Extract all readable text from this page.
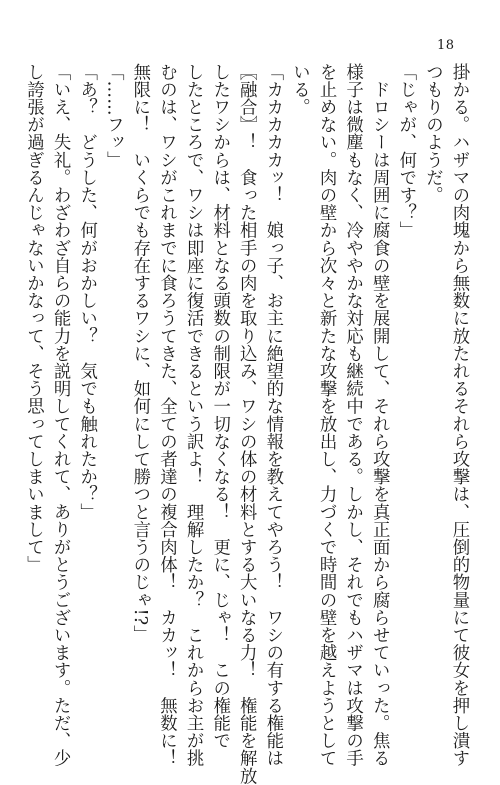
18
掛かる。ハザマの肉塊から無数に放たれるそれら攻撃は、圧倒的物量にて彼女を押し潰す
つもりのようだ。
「じゃが、何です？」
　ドロシーは周囲に腐食の壁を展開して、それら攻撃を真正面から腐らせていった。焦る
様子は微塵もなく、冷ややかな対応も継続中である。しかし、それでもハザマは攻撃の手
を止めない。肉の壁から次々と新たな攻撃を放出し、力づくで時間の壁を越えようとして
いる。
「カカカカカッ！　娘っ子、お主に絶望的な情報を教えてやろう！　ワシの有する権能は
〖融合〗！　食った相手の肉を取り込み、ワシの体の材料とする大いなる力！　権能を解放
したワシからは、材料となる頭数の制限が一切なくなる！　更に、じゃ！　この権能で
したところで、ワシは即座に復活できるという訳よ！　理解したか？　これからお主が挑
むのは、ワシがこれまでに食ろうてきた、全ての者達の複合肉体！　カカッ！　無数に！
無限に！　いくらでも存在するワシに、如何にして勝つと言うのじゃ!?」
「……フッ」
「あ？　どうした、何がおかしい？　気でも触れたか？」
「いえ、失礼。わざわざ自らの能力を説明してくれて、ありがとうございます。ただ、少
し誇張が過ぎるんじゃないかなって、そう思ってしまいまして」
